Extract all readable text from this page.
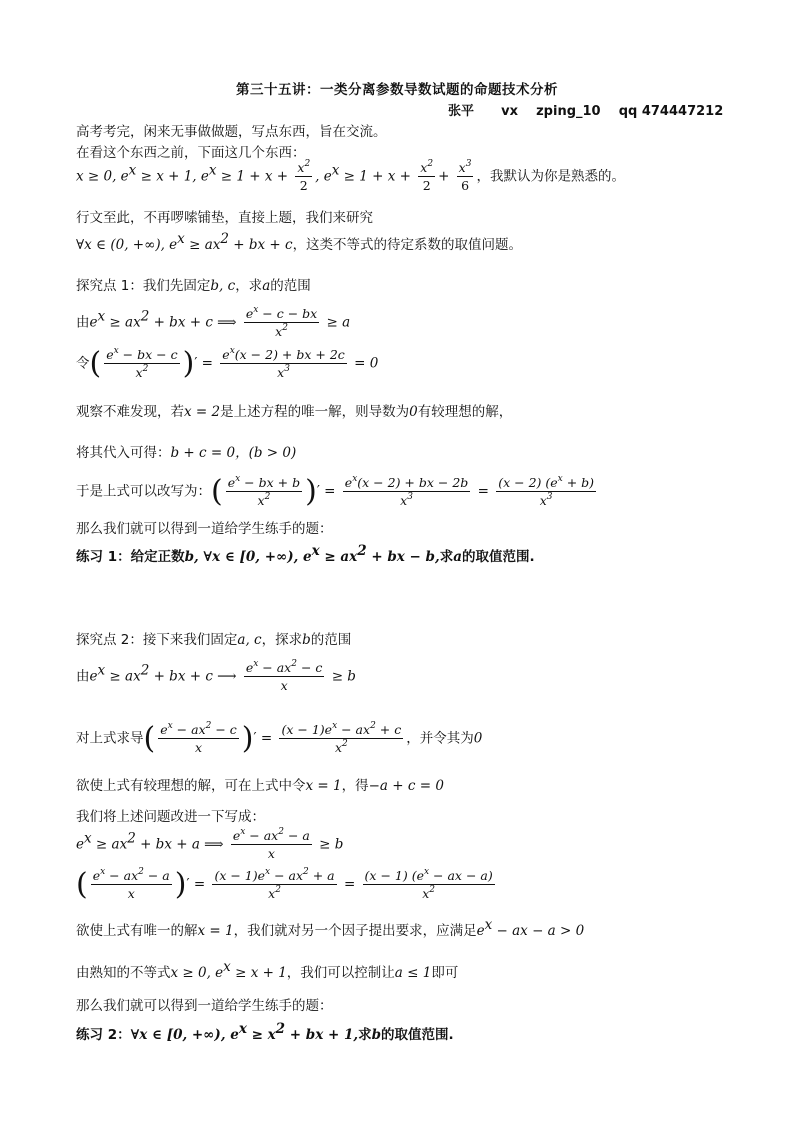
第三十五讲：一类分离参数导数试题的命题技术分析
张平      vx    zping_10    qq 474447212
高考考完，闲来无事做做题，写点东西，旨在交流。
在看这个东西之前，下面这几个东西：
x ≥ 0, $e^x \ge x + 1$, $e^x \ge 1 + x + \frac{x^2}{2}$ , $e^x \ge 1 + x + \frac{x^2}{2} + \frac{x^3}{6}$ ，我默认为你是熟悉的。
行文至此，不再啰嗦铺垫，直接上题，我们来研究
∀x ∈ (0, +∞), $e^x \ge ax^2$ + bx + c，这类不等式的待定系数的取值问题。
探究点 1：我们先固定b, c，求a的范围
由$e^x \ge ax^2$ + bx + c ⟹ $\frac{e^x - c - bx}{x^2} \ge a$
令( $\frac{e^x - bx - c}{x^2}$ )′ = $\frac{e^x(x - 2) + bx + 2c}{x^3} = 0$
观察不难发现，若x = 2是上述方程的唯一解，则导数为0有较理想的解，
将其代入可得：b + c = 0，(b > 0)
于是上式可以改写为：( $\frac{e^x - bx + b}{x^2}$ )′ = $\frac{e^x(x - 2) + bx - 2b}{x^3} = \frac{(x - 2) (e^x + b)}{x^3}$
那么我们就可以得到一道给学生练手的题：
练习 1：给定正数b, ∀x ∈ [0, +∞), $e^x \ge ax^2$ + bx − b,求a的取值范围.
探究点 2：接下来我们固定a, c，探求b的范围
由$e^x \ge ax^2$ + bx + c ⟶ $\frac{e^x - ax^2 - c}{x} \ge b$
对上式求导( $\frac{e^x - ax^2 - c}{x}$ )′ = $\frac{(x - 1)e^x - ax^2 + c}{x^2}$ ，并令其为0
欲使上式有较理想的解，可在上式中令x = 1，得−a + c = 0
我们将上述问题改进一下写成：
$e^x \ge ax^2$ + bx + a ⟹ $\frac{e^x - ax^2 - a}{x} \ge b$
( $\frac{e^x - ax^2 - a}{x}$ )′ = $\frac{(x - 1)e^x - ax^2 + a}{x^2} = \frac{(x - 1) (e^x - ax - a)}{x^2}$
欲使上式有唯一的解x = 1，我们就对另一个因子提出要求，应满足$e^x$ − ax − a > 0
由熟知的不等式x ≥ 0, $e^x \ge x + 1$，我们可以控制让a ≤ 1即可
那么我们就可以得到一道给学生练手的题：
练习 2：∀x ∈ [0, +∞), $e^x \ge x^2$ + bx + 1,求b的取值范围.
